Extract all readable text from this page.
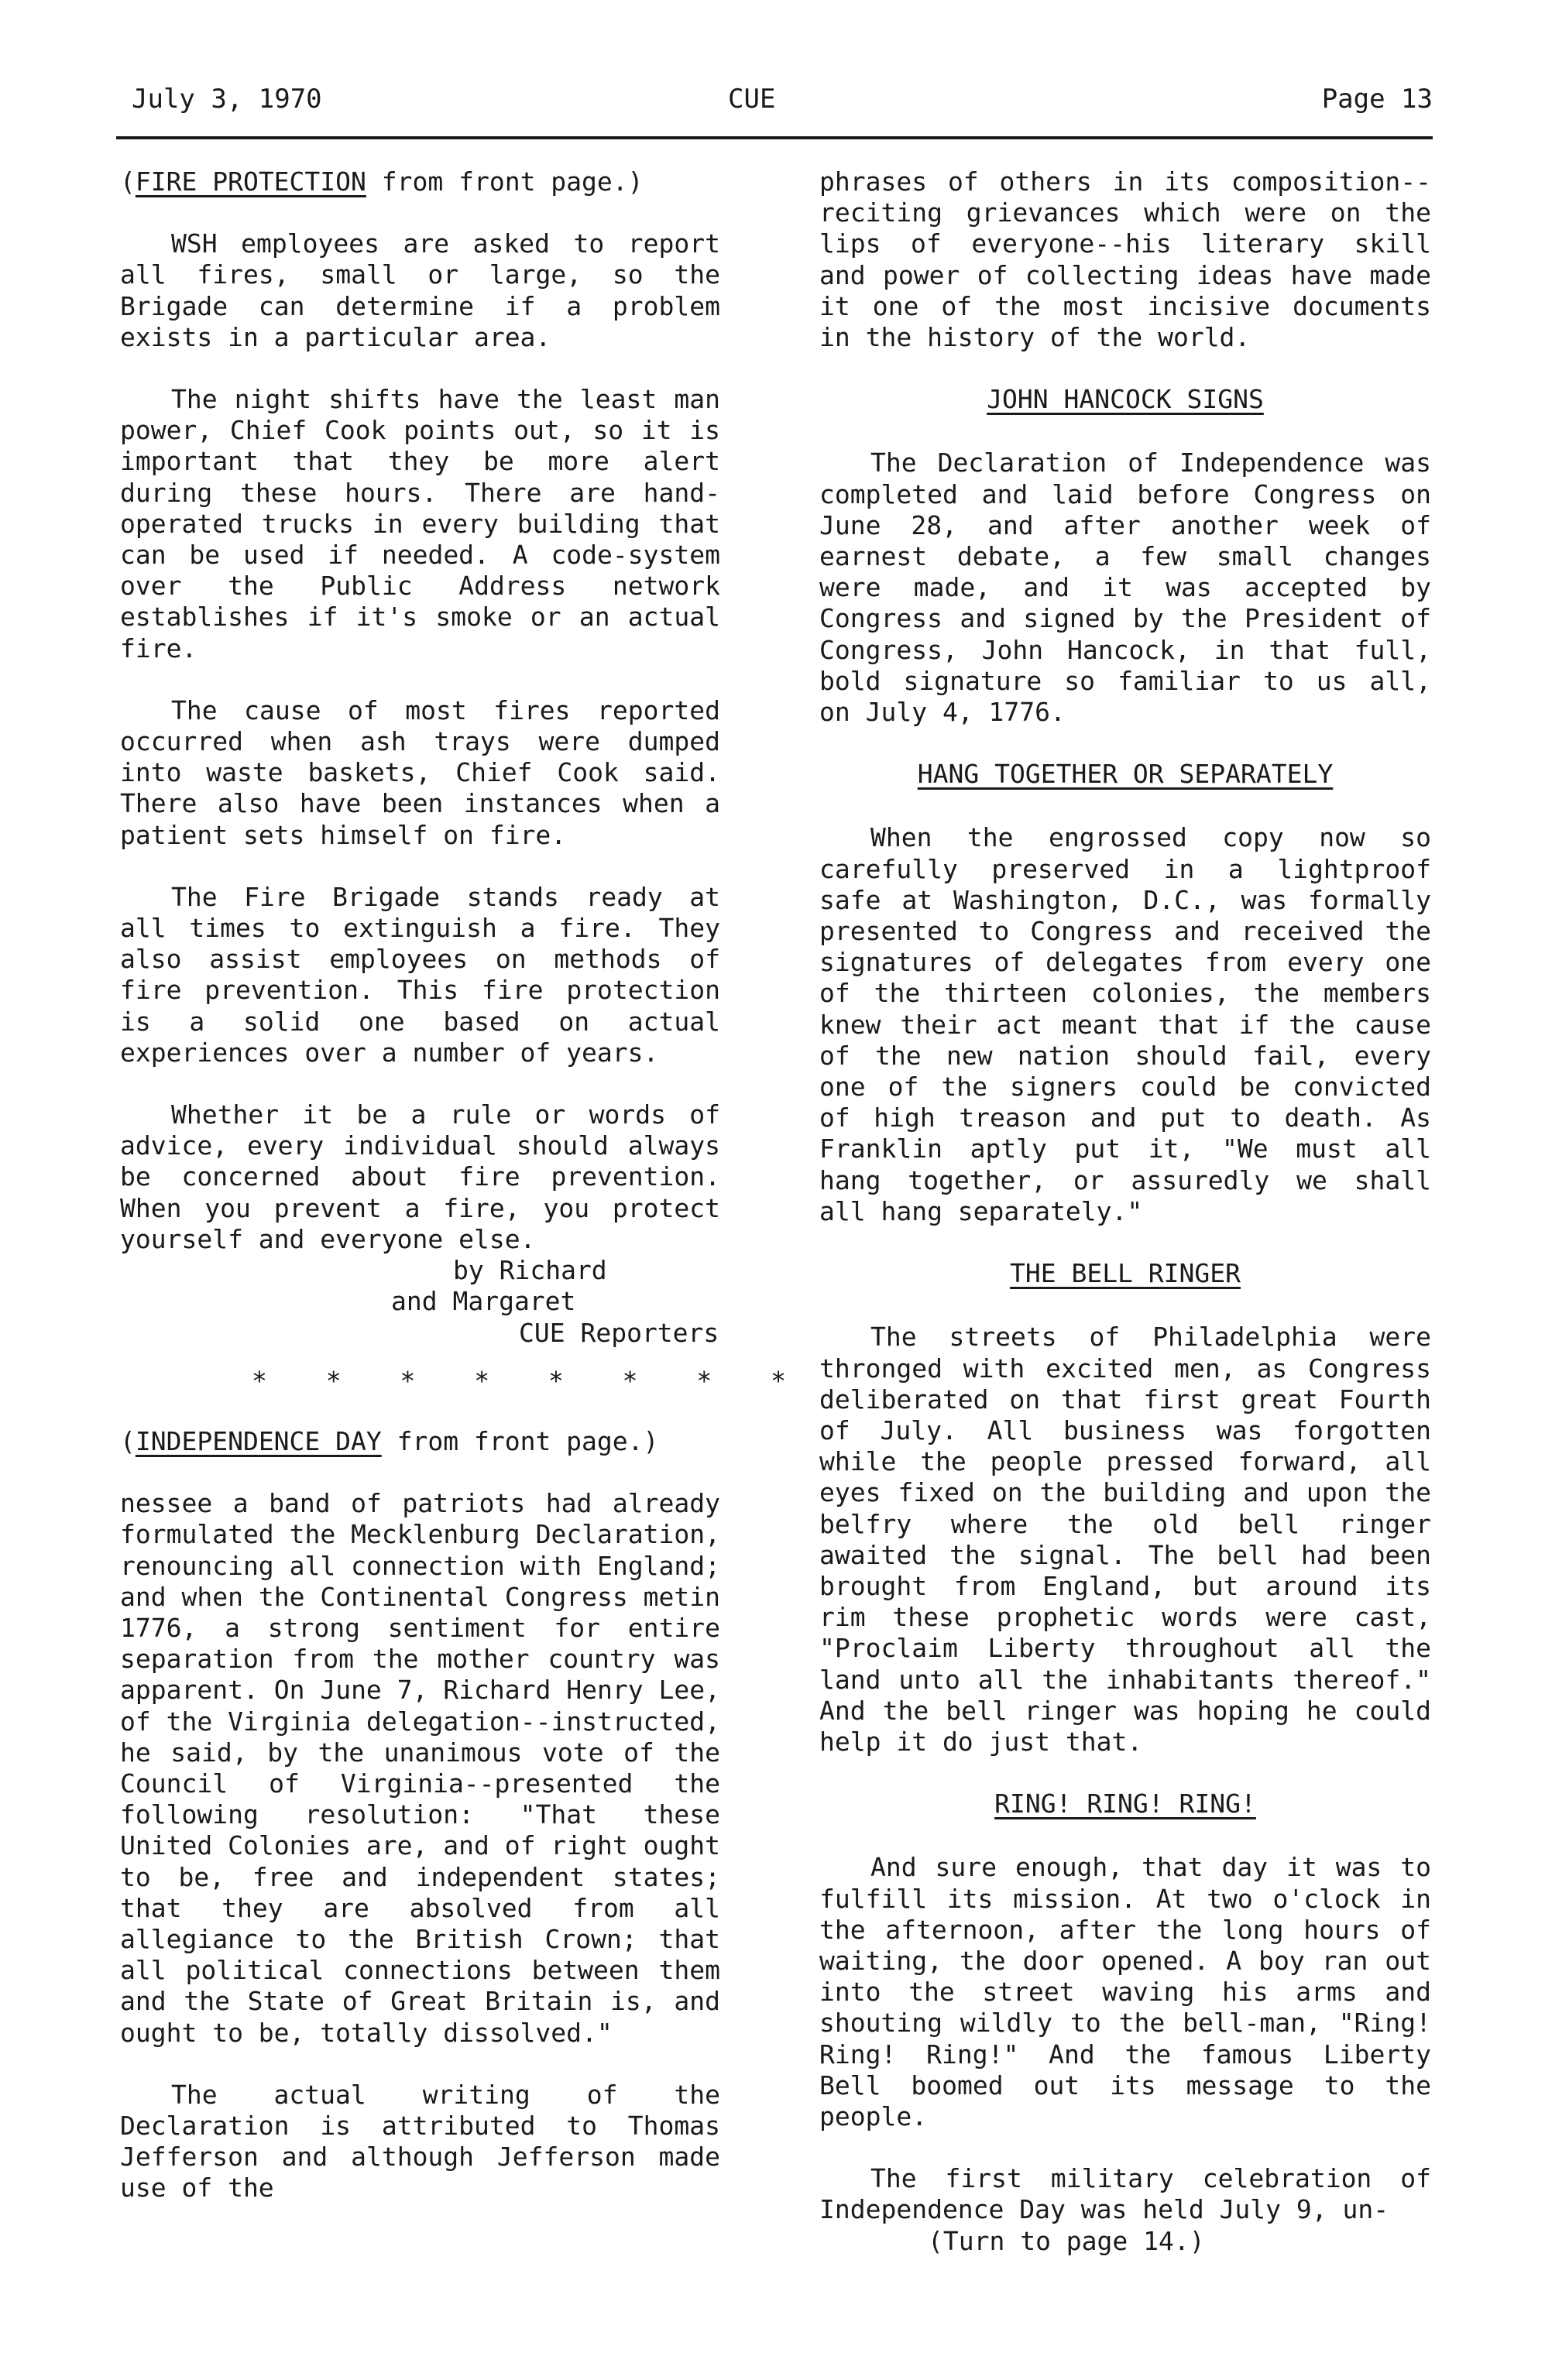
July 3, 1970	CUE	Page 13

(FIRE PROTECTION from front page.)

WSH employees are asked to report all fires, small or large, so the Brigade can determine if a problem exists in a particular area.

The night shifts have the least man power, Chief Cook points out, so it is important that they be more alert during these hours. There are hand-operated trucks in every building that can be used if needed. A code-system over the Public Address network establishes if it's smoke or an actual fire.

The cause of most fires reported occurred when ash trays were dumped into waste baskets, Chief Cook said. There also have been instances when a patient sets himself on fire.

The Fire Brigade stands ready at all times to extinguish a fire. They also assist employees on methods of fire prevention. This fire protection is a solid one based on actual experiences over a number of years.

Whether it be a rule or words of advice, every individual should always be concerned about fire prevention. When you prevent a fire, you protect yourself and everyone else.

by Richard

and Margaret

CUE Reporters

* * * * * * * *

(INDEPENDENCE DAY from front page.)

nessee a band of patriots had already formulated the Mecklenburg Declaration, renouncing all connection with England; and when the Continental Congress metin 1776, a strong sentiment for entire separation from the mother country was apparent. On June 7, Richard Henry Lee, of the Virginia delegation--instructed, he said, by the unanimous vote of the Council of Virginia--presented the following resolution: "That these United Colonies are, and of right ought to be, free and independent states; that they are absolved from all allegiance to the British Crown; that all political connections between them and the State of Great Britain is, and ought to be, totally dissolved."

The actual writing of the Declaration is attributed to Thomas Jefferson and although Jefferson made use of the

phrases of others in its composition--reciting grievances which were on the lips of everyone--his literary skill and power of collecting ideas have made it one of the most incisive documents in the history of the world.

JOHN HANCOCK SIGNS

The Declaration of Independence was completed and laid before Congress on June 28, and after another week of earnest debate, a few small changes were made, and it was accepted by Congress and signed by the President of Congress, John Hancock, in that full, bold signature so familiar to us all, on July 4, 1776.

HANG TOGETHER OR SEPARATELY

When the engrossed copy now so carefully preserved in a lightproof safe at Washington, D.C., was formally presented to Congress and received the signatures of delegates from every one of the thirteen colonies, the members knew their act meant that if the cause of the new nation should fail, every one of the signers could be convicted of high treason and put to death. As Franklin aptly put it, "We must all hang together, or assuredly we shall all hang separately."

THE BELL RINGER

The streets of Philadelphia were thronged with excited men, as Congress deliberated on that first great Fourth of July. All business was forgotten while the people pressed forward, all eyes fixed on the building and upon the belfry where the old bell ringer awaited the signal. The bell had been brought from England, but around its rim these prophetic words were cast, "Proclaim Liberty throughout all the land unto all the inhabitants thereof." And the bell ringer was hoping he could help it do just that.

RING! RING! RING!

And sure enough, that day it was to fulfill its mission. At two o'clock in the afternoon, after the long hours of waiting, the door opened. A boy ran out into the street waving his arms and shouting wildly to the bell-man, "Ring! Ring! Ring!" And the famous Liberty Bell boomed out its message to the people.

The first military celebration of Independence Day was held July 9, un-

(Turn to page 14.)
